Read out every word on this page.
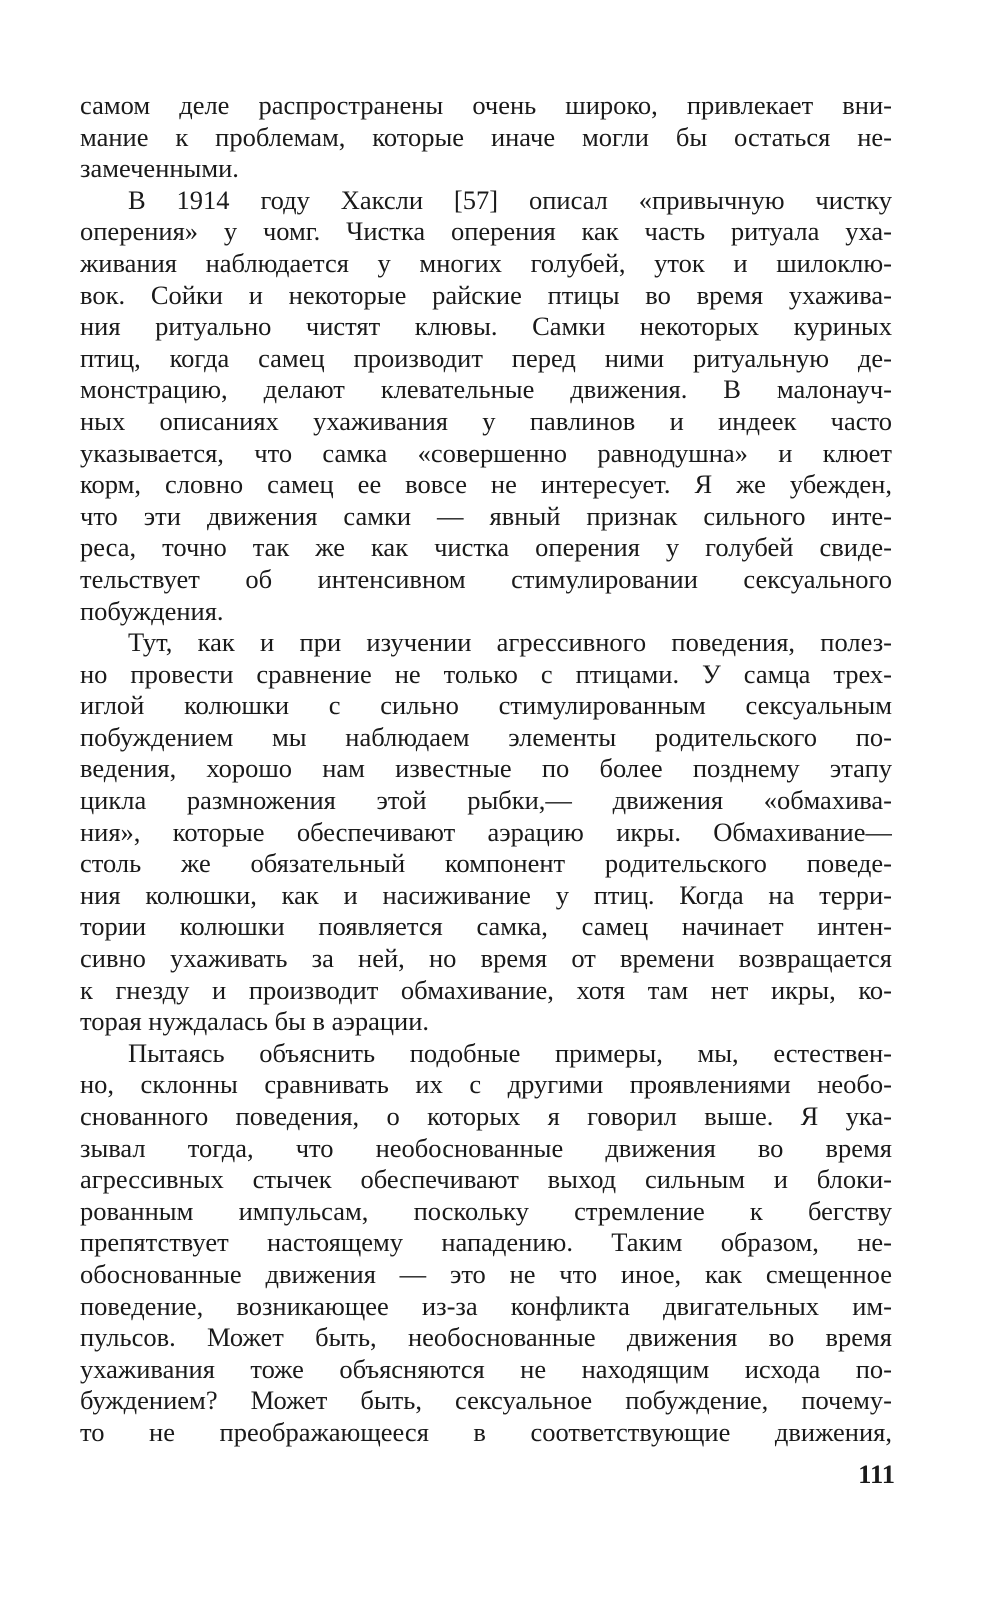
самом деле распространены очень широко, привлекает вни-
мание к проблемам, которые иначе могли бы остаться не-
замеченными.
В 1914 году Хаксли [57] описал «привычную чистку
оперения» у чомг. Чистка оперения как часть ритуала уха-
живания наблюдается у многих голубей, уток и шилоклю-
вок. Сойки и некоторые райские птицы во время ухажива-
ния ритуально чистят клювы. Самки некоторых куриных
птиц, когда самец производит перед ними ритуальную де-
монстрацию, делают клевательные движения. В малонауч-
ных описаниях ухаживания у павлинов и индеек часто
указывается, что самка «совершенно равнодушна» и клюет
корм, словно самец ее вовсе не интересует. Я же убежден,
что эти движения самки — явный признак сильного инте-
реса, точно так же как чистка оперения у голубей свиде-
тельствует об интенсивном стимулировании сексуального
побуждения.
Тут, как и при изучении агрессивного поведения, полез-
но провести сравнение не только с птицами. У самца трех-
иглой колюшки с сильно стимулированным сексуальным
побуждением мы наблюдаем элементы родительского по-
ведения, хорошо нам известные по более позднему этапу
цикла размножения этой рыбки,— движения «обмахива-
ния», которые обеспечивают аэрацию икры. Обмахивание—
столь же обязательный компонент родительского поведе-
ния колюшки, как и насиживание у птиц. Когда на терри-
тории колюшки появляется самка, самец начинает интен-
сивно ухаживать за ней, но время от времени возвращается
к гнезду и производит обмахивание, хотя там нет икры, ко-
торая нуждалась бы в аэрации.
Пытаясь объяснить подобные примеры, мы, естествен-
но, склонны сравнивать их с другими проявлениями необо-
снованного поведения, о которых я говорил выше. Я ука-
зывал тогда, что необоснованные движения во время
агрессивных стычек обеспечивают выход сильным и блоки-
рованным импульсам, поскольку стремление к бегству
препятствует настоящему нападению. Таким образом, не-
обоснованные движения — это не что иное, как смещенное
поведение, возникающее из-за конфликта двигательных им-
пульсов. Может быть, необоснованные движения во время
ухаживания тоже объясняются не находящим исхода по-
буждением? Может быть, сексуальное побуждение, почему-
то не преображающееся в соответствующие движения,
111
